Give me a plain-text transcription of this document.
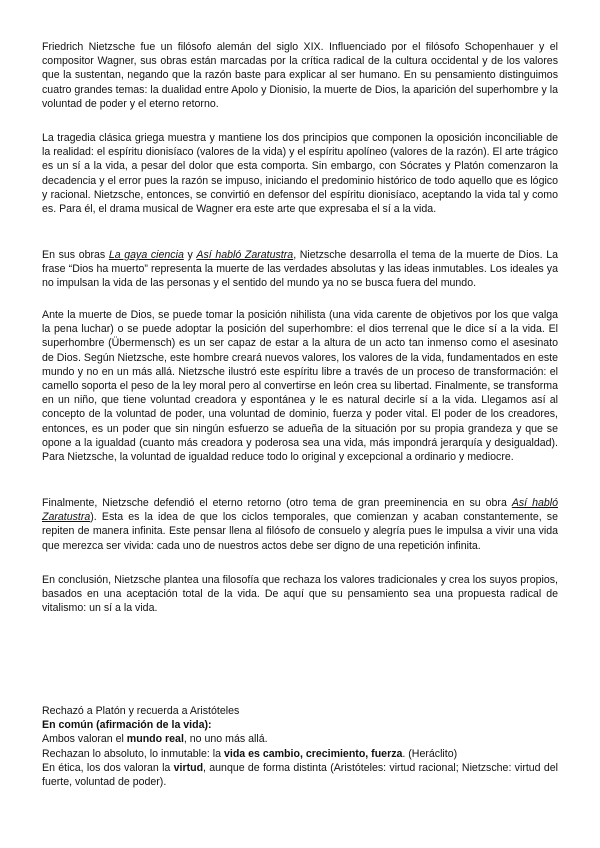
Friedrich Nietzsche fue un filósofo alemán del siglo XIX. Influenciado por el filósofo Schopenhauer y el compositor Wagner, sus obras están marcadas por la crítica radical de la cultura occidental y de los valores que la sustentan, negando que la razón baste para explicar al ser humano. En su pensamiento distinguimos cuatro grandes temas: la dualidad entre Apolo y Dionisio, la muerte de Dios, la aparición del superhombre y la voluntad de poder y el eterno retorno.

La tragedia clásica griega muestra y mantiene los dos principios que componen la oposición inconciliable de la realidad: el espíritu dionisíaco (valores de la vida) y el espíritu apolíneo (valores de la razón). El arte trágico es un sí a la vida, a pesar del dolor que esta comporta. Sin embargo, con Sócrates y Platón comenzaron la decadencia y el error pues la razón se impuso, iniciando el predominio histórico de todo aquello que es lógico y racional. Nietzsche, entonces, se convirtió en defensor del espíritu dionisíaco, aceptando la vida tal y como es. Para él, el drama musical de Wagner era este arte que expresaba el sí a la vida.

En sus obras La gaya ciencia y Así habló Zaratustra, Nietzsche desarrolla el tema de la muerte de Dios. La frase “Dios ha muerto” representa la muerte de las verdades absolutas y las ideas inmutables. Los ideales ya no impulsan la vida de las personas y el sentido del mundo ya no se busca fuera del mundo.

Ante la muerte de Dios, se puede tomar la posición nihilista (una vida carente de objetivos por los que valga la pena luchar) o se puede adoptar la posición del superhombre: el dios terrenal que le dice sí a la vida. El superhombre (Übermensch) es un ser capaz de estar a la altura de un acto tan inmenso como el asesinato de Dios. Según Nietzsche, este hombre creará nuevos valores, los valores de la vida, fundamentados en este mundo y no en un más allá. Nietzsche ilustró este espíritu libre a través de un proceso de transformación: el camello soporta el peso de la ley moral pero al convertirse en león crea su libertad. Finalmente, se transforma en un niño, que tiene voluntad creadora y espontánea y le es natural decirle sí a la vida. Llegamos así al concepto de la voluntad de poder, una voluntad de dominio, fuerza y poder vital. El poder de los creadores, entonces, es un poder que sin ningún esfuerzo se adueña de la situación por su propia grandeza y que se opone a la igualdad (cuanto más creadora y poderosa sea una vida, más impondrá jerarquía y desigualdad). Para Nietzsche, la voluntad de igualdad reduce todo lo original y excepcional a ordinario y mediocre.

Finalmente, Nietzsche defendió el eterno retorno (otro tema de gran preeminencia en su obra Así habló Zaratustra). Esta es la idea de que los ciclos temporales, que comienzan y acaban constantemente, se repiten de manera infinita. Este pensar llena al filósofo de consuelo y alegría pues le impulsa a vivir una vida que merezca ser vivida: cada uno de nuestros actos debe ser digno de una repetición infinita.

En conclusión, Nietzsche plantea una filosofía que rechaza los valores tradicionales y crea los suyos propios, basados en una aceptación total de la vida. De aquí que su pensamiento sea una propuesta radical de vitalismo: un sí a la vida.

Rechazó a Platón y recuerda a Aristóteles

En común (afirmación de la vida):

Ambos valoran el mundo real, no uno más allá.

Rechazan lo absoluto, lo inmutable: la vida es cambio, crecimiento, fuerza. (Heráclito)

En ética, los dos valoran la virtud, aunque de forma distinta (Aristóteles: virtud racional; Nietzsche: virtud del fuerte, voluntad de poder).
